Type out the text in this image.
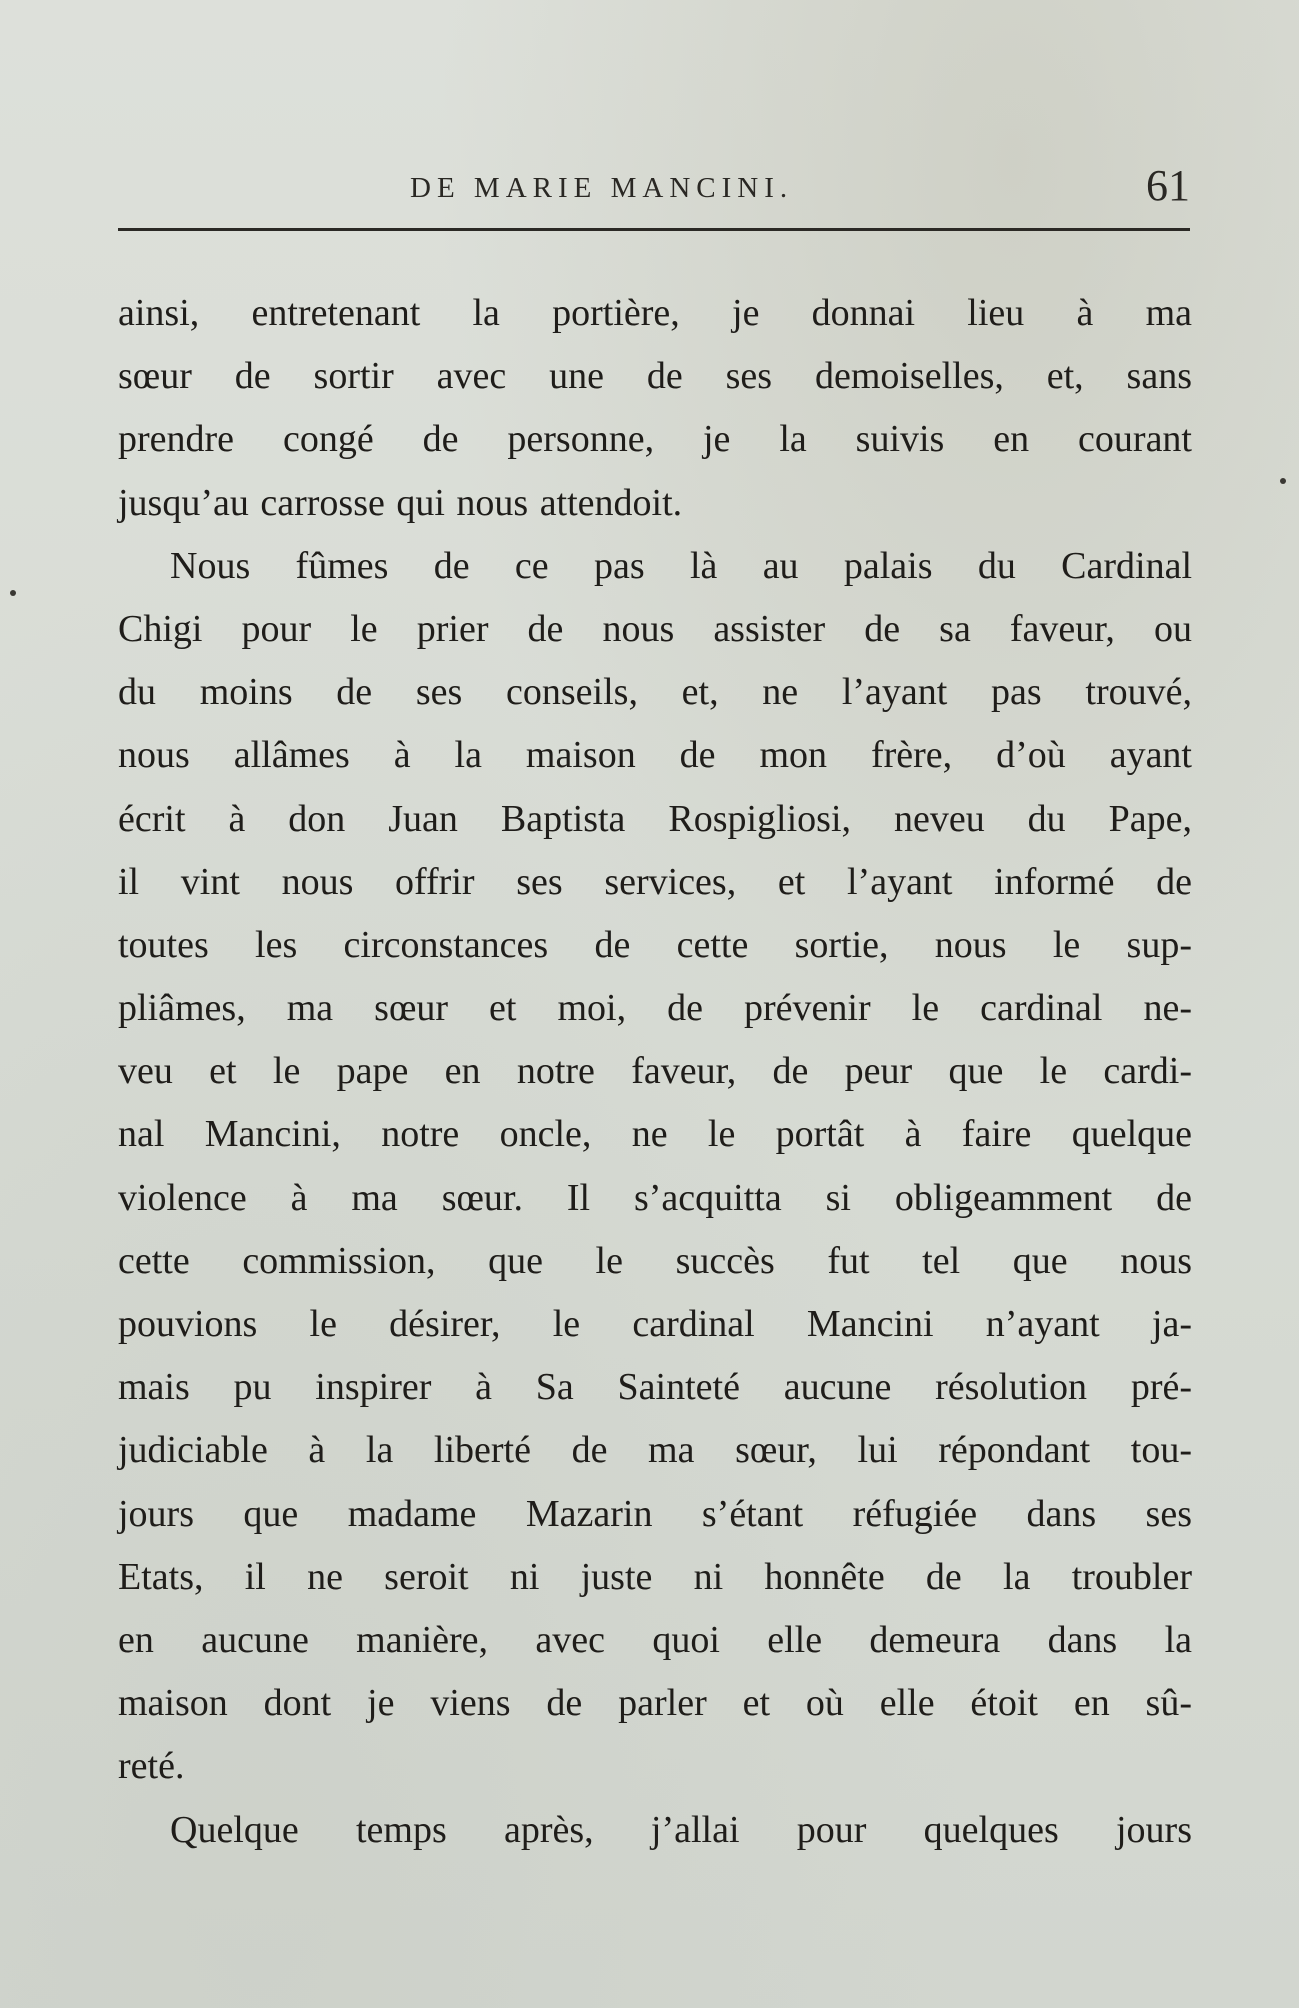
DE MARIE MANCINI.	61
ainsi, entretenant la portière, je donnai lieu à ma
sœur de sortir avec une de ses demoiselles, et, sans
prendre congé de personne, je la suivis en courant
jusqu’au carrosse qui nous attendoit.
Nous fûmes de ce pas là au palais du Cardinal
Chigi pour le prier de nous assister de sa faveur, ou
du moins de ses conseils, et, ne l’ayant pas trouvé,
nous allâmes à la maison de mon frère, d’où ayant
écrit à don Juan Baptista Rospigliosi, neveu du Pape,
il vint nous offrir ses services, et l’ayant informé de
toutes les circonstances de cette sortie, nous le sup-
pliâmes, ma sœur et moi, de prévenir le cardinal ne-
veu et le pape en notre faveur, de peur que le cardi-
nal Mancini, notre oncle, ne le portât à faire quelque
violence à ma sœur. Il s’acquitta si obligeamment de
cette commission, que le succès fut tel que nous
pouvions le désirer, le cardinal Mancini n’ayant ja-
mais pu inspirer à Sa Sainteté aucune résolution pré-
judiciable à la liberté de ma sœur, lui répondant tou-
jours que madame Mazarin s’étant réfugiée dans ses
Etats, il ne seroit ni juste ni honnête de la troubler
en aucune manière, avec quoi elle demeura dans la
maison dont je viens de parler et où elle étoit en sû-
reté.
Quelque temps après, j’allai pour quelques jours
